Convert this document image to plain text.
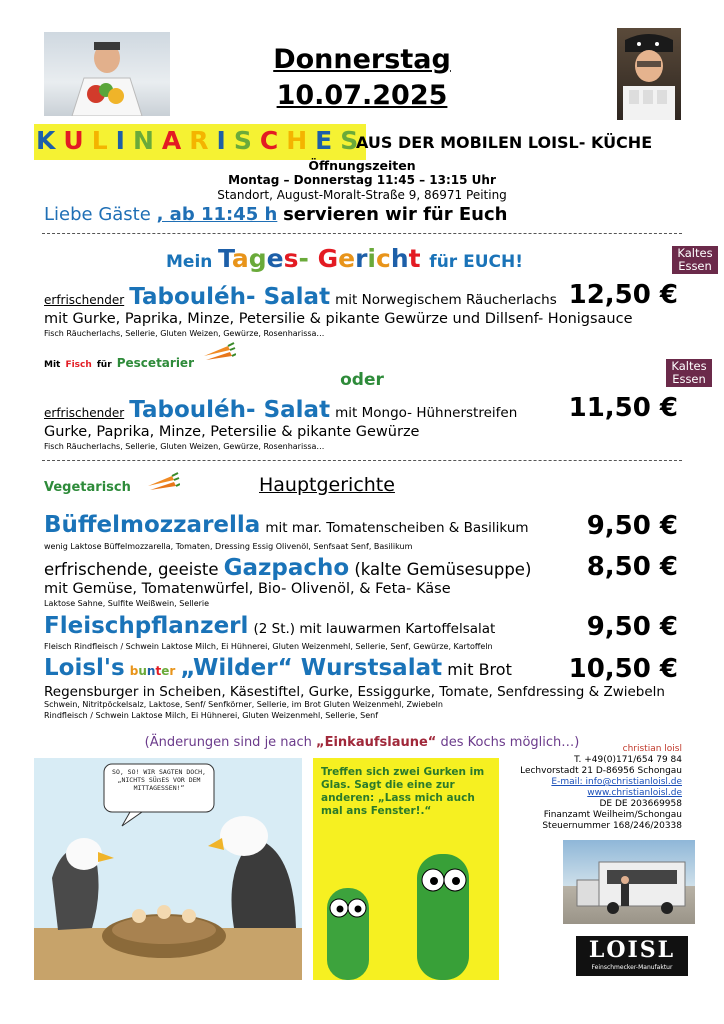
Donnerstag
10.07.2025
K U L I N A R I S C H E S
AUS DER MOBILEN LOISL- KÜCHE
Öffnungszeiten
Montag – Donnerstag 11:45 – 13:15 Uhr
Standort, August-Moralt-Straße 9, 86971 Peiting
Liebe Gäste , ab 11:45 h servieren wir für Euch
Mein Tages- Gericht für EUCH!	Kaltes Essen
erfrischender Tabouléh- Salat mit Norwegischem Räucherlachs 12,50 €
mit Gurke, Paprika, Minze, Petersilie & pikante Gewürze und Dillsenf- Honigsauce
Fisch Räucherlachs, Sellerie, Gluten Weizen, Gewürze, Rosenharissa…
Mit Fisch für Pescetarier
oder
Kaltes Essen
erfrischender Tabouléh- Salat mit Mongo- Hühnerstreifen 11,50 €
Gurke, Paprika, Minze, Petersilie & pikante Gewürze
Fisch Räucherlachs, Sellerie, Gluten Weizen, Gewürze, Rosenharissa…
Vegetarisch	Hauptgerichte
Büffelmozzarella mit mar. Tomatenscheiben & Basilikum 9,50 €
wenig Laktose Büffelmozzarella, Tomaten, Dressing Essig Olivenöl, Senfsaat Senf, Basilikum
erfrischende, geeiste Gazpacho (kalte Gemüsesuppe) 8,50 €
mit Gemüse, Tomatenwürfel, Bio- Olivenöl, & Feta- Käse
Laktose Sahne, Sulfite Weißwein, Sellerie
Fleischpflanzerl (2 St.) mit lauwarmen Kartoffelsalat	9,50 €
Fleisch Rindfleisch / Schwein Laktose Milch, Ei Hühnerei, Gluten Weizenmehl, Sellerie, Senf, Gewürze, Kartoffeln
Loisl's bunter „Wilder“ Wurstsalat mit Brot 10,50 €
Regensburger in Scheiben, Käsestiftel, Gurke, Essiggurke, Tomate, Senfdressing & Zwiebeln
Schwein, Nitritpöckelsalz, Laktose, Senf/ Senfkörner, Sellerie, im Brot Gluten Weizenmehl, Zwiebeln
Rindfleisch / Schwein Laktose Milch, Ei Hühnerei, Gluten Weizenmehl, Sellerie, Senf
(Änderungen sind je nach „Einkaufslaune“ des Kochs möglich…)
SO, SO! WIR SAGTEN DOCH, „NICHTS SÜẞES VOR DEM MITTAGESSEN!“
Treffen sich zwei Gurken im Glas. Sagt die eine zur anderen: „Lass mich auch mal ans Fenster!.“
christian loisl
T. +49(0)171/654 79 84
Lechvorstadt 21 D-86956 Schongau
E-mail: info@christianloisl.de
www.christianloisl.de
DE DE 203669958
Finanzamt Weilheim/Schongau
Steuernummer 168/246/20338
LOISL
Feinschmecker-Manufaktur
